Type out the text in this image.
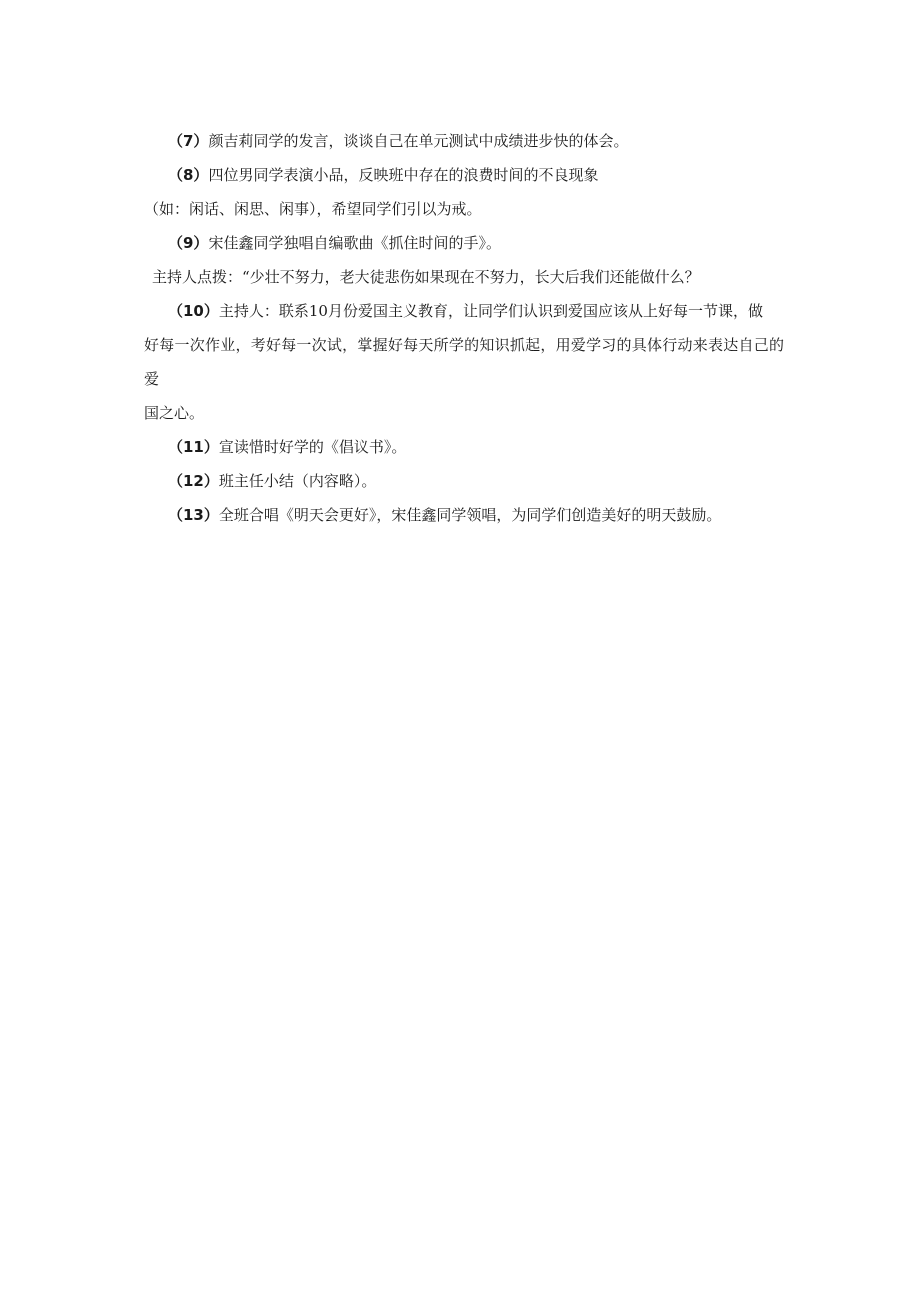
（7）颜吉莉同学的发言，谈谈自己在单元测试中成绩进步快的体会。

（8）四位男同学表演小品，反映班中存在的浪费时间的不良现象

（如：闲话、闲思、闲事），希望同学们引以为戒。

（9）宋佳鑫同学独唱自编歌曲《抓住时间的手》。

主持人点拨：“少壮不努力，老大徒悲伤如果现在不努力，长大后我们还能做什么？

（10）主持人：联系10月份爱国主义教育，让同学们认识到爱国应该从上好每一节课，做
好每一次作业，考好每一次试，掌握好每天所学的知识抓起，用爱学习的具体行动来表达自己的爱
国之心。

（11）宣读惜时好学的《倡议书》。

（12）班主任小结（内容略）。

（13）全班合唱《明天会更好》，宋佳鑫同学领唱，为同学们创造美好的明天鼓励。
